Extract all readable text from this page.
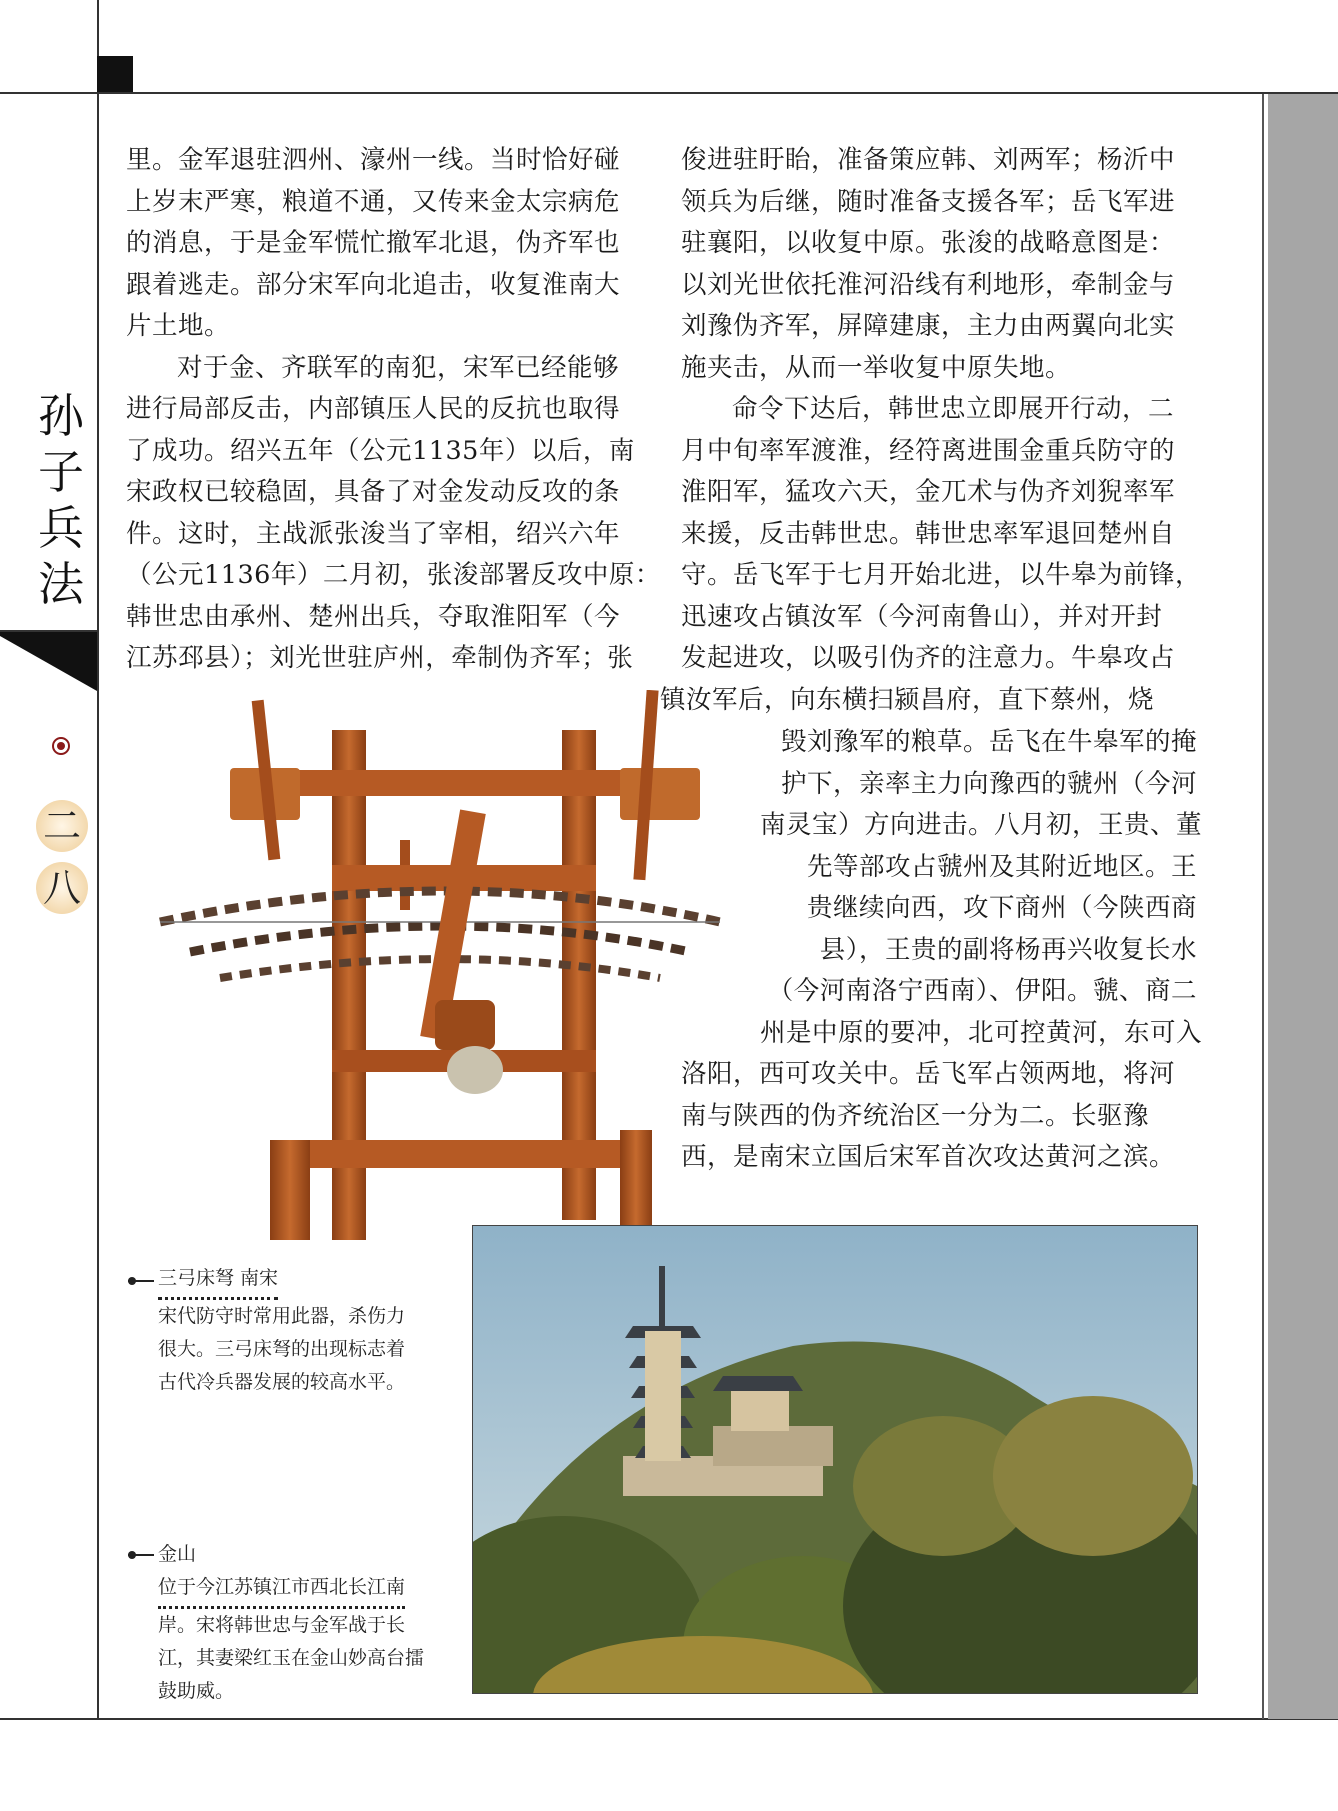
孙
子
兵
法
二
八
里。金军退驻泗州、濠州一线。当时恰好碰
上岁末严寒，粮道不通，又传来金太宗病危
的消息，于是金军慌忙撤军北退，伪齐军也
跟着逃走。部分宋军向北追击，收复淮南大
片土地。
对于金、齐联军的南犯，宋军已经能够
进行局部反击，内部镇压人民的反抗也取得
了成功。绍兴五年（公元1135年）以后，南
宋政权已较稳固，具备了对金发动反攻的条
件。这时，主战派张浚当了宰相，绍兴六年
（公元1136年）二月初，张浚部署反攻中原：
韩世忠由承州、楚州出兵，夺取淮阳军（今
江苏邳县）；刘光世驻庐州，牵制伪齐军；张
俊进驻盱眙，准备策应韩、刘两军；杨沂中
领兵为后继，随时准备支援各军；岳飞军进
驻襄阳，以收复中原。张浚的战略意图是：
以刘光世依托淮河沿线有利地形，牵制金与
刘豫伪齐军，屏障建康，主力由两翼向北实
施夹击，从而一举收复中原失地。
命令下达后，韩世忠立即展开行动，二
月中旬率军渡淮，经符离进围金重兵防守的
淮阳军，猛攻六天，金兀术与伪齐刘猊率军
来援，反击韩世忠。韩世忠率军退回楚州自
守。岳飞军于七月开始北进，以牛皋为前锋，
迅速攻占镇汝军（今河南鲁山），并对开封
发起进攻，以吸引伪齐的注意力。牛皋攻占
镇汝军后，向东横扫颍昌府，直下蔡州，烧
毁刘豫军的粮草。岳飞在牛皋军的掩
护下，亲率主力向豫西的虢州（今河
南灵宝）方向进击。八月初，王贵、董
先等部攻占虢州及其附近地区。王
贵继续向西，攻下商州（今陕西商
县），王贵的副将杨再兴收复长水
（今河南洛宁西南）、伊阳。虢、商二
州是中原的要冲，北可控黄河，东可入
洛阳，西可攻关中。岳飞军占领两地，将河
南与陕西的伪齐统治区一分为二。长驱豫
西，是南宋立国后宋军首次攻达黄河之滨。
三弓床弩 南宋
宋代防守时常用此器，杀伤力
很大。三弓床弩的出现标志着
古代冷兵器发展的较高水平。
金山
位于今江苏镇江市西北长江南
岸。宋将韩世忠与金军战于长
江，其妻梁红玉在金山妙高台擂
鼓助威。
